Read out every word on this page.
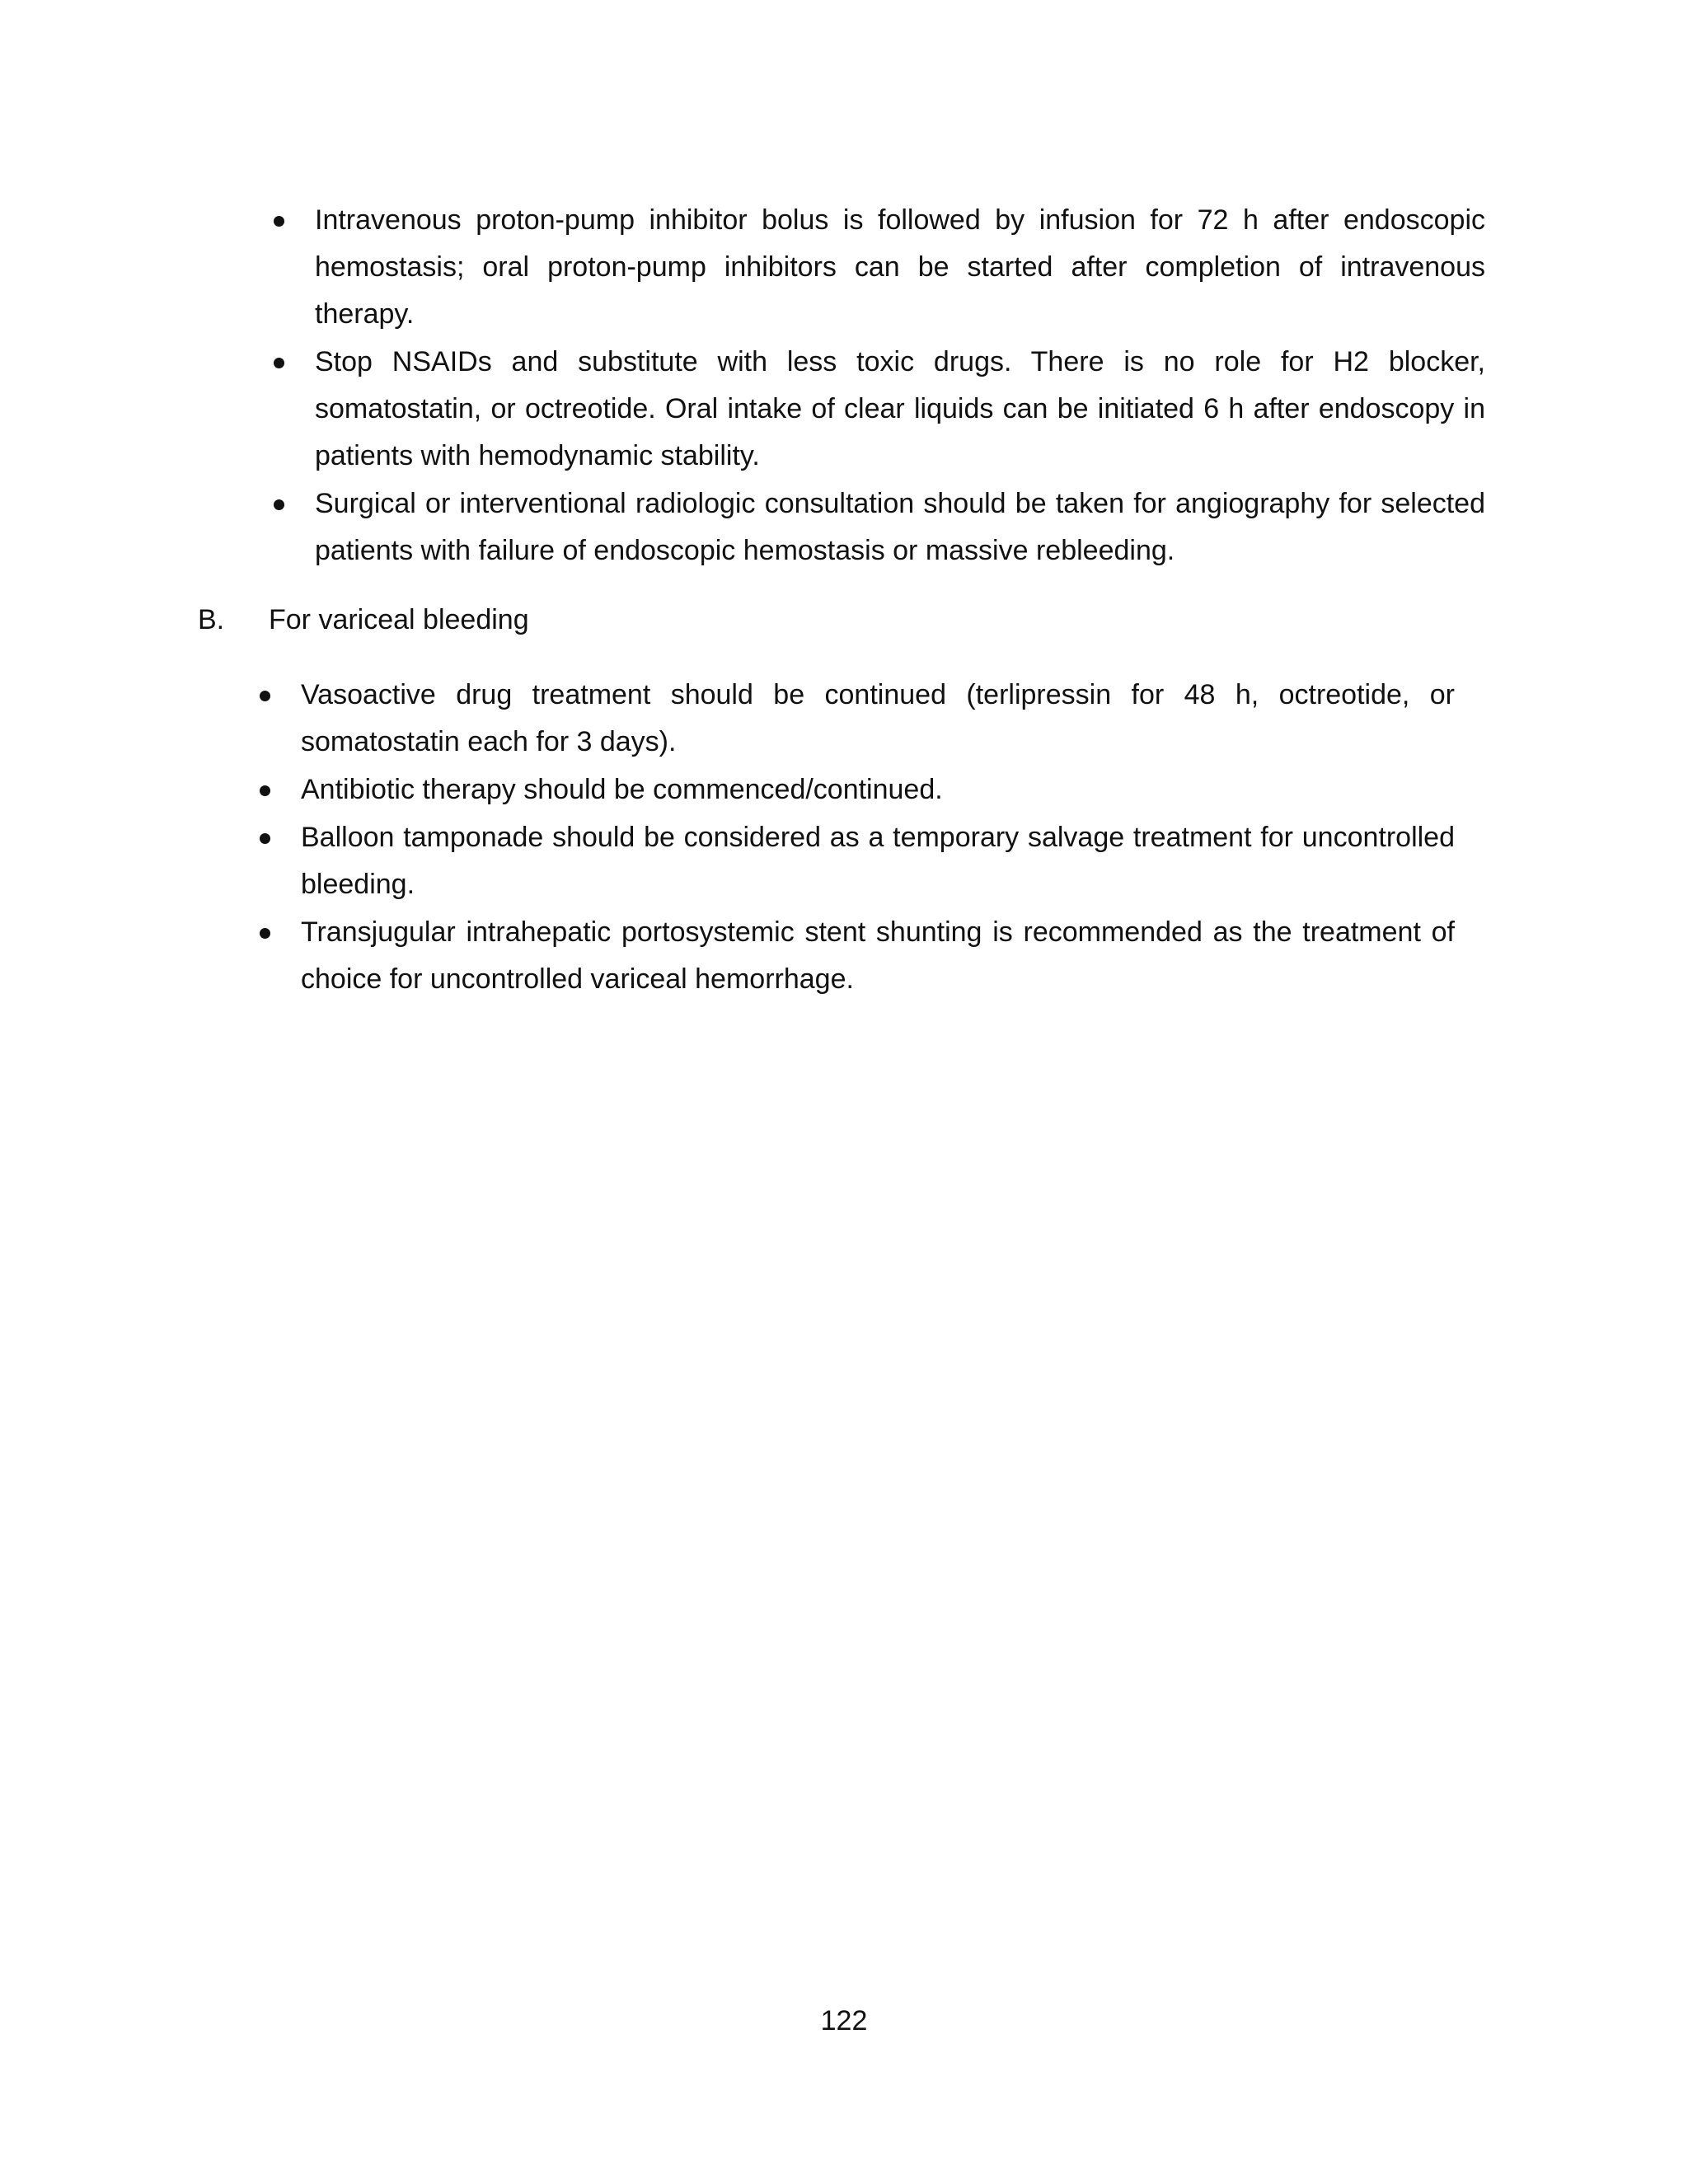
Intravenous proton-pump inhibitor bolus is followed by infusion for 72 h after endoscopic hemostasis; oral proton-pump inhibitors can be started after completion of intravenous therapy.
Stop NSAIDs and substitute with less toxic drugs. There is no role for H2 blocker, somatostatin, or octreotide. Oral intake of clear liquids can be initiated 6 h after endoscopy in patients with hemodynamic stability.
Surgical or interventional radiologic consultation should be taken for angiography for selected patients with failure of endoscopic hemostasis or massive rebleeding.
B. For variceal bleeding
Vasoactive drug treatment should be continued (terlipressin for 48 h, octreotide, or somatostatin each for 3 days).
Antibiotic therapy should be commenced/continued.
Balloon tamponade should be considered as a temporary salvage treatment for uncontrolled bleeding.
Transjugular intrahepatic portosystemic stent shunting is recommended as the treatment of choice for uncontrolled variceal hemorrhage.
122
